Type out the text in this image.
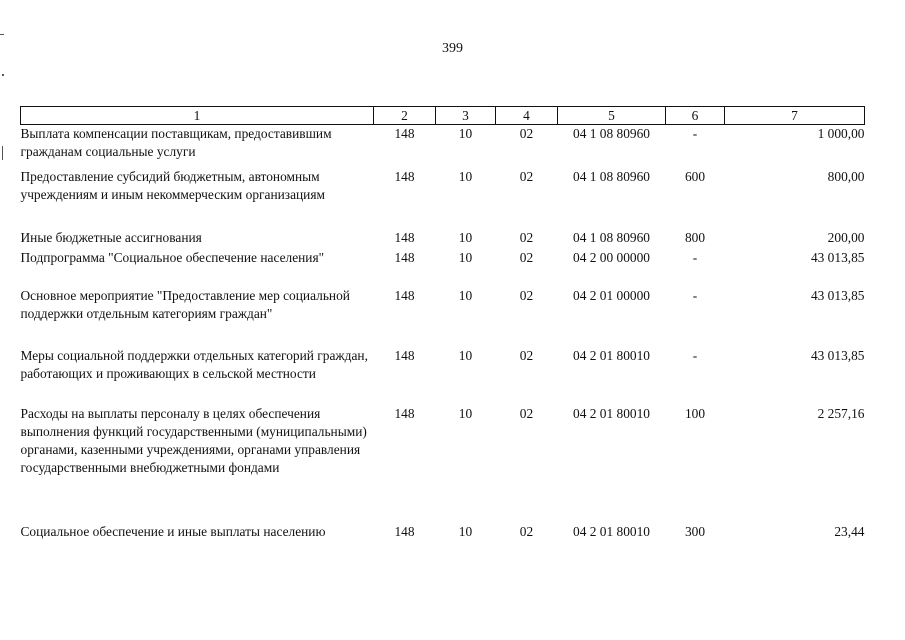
399
1	2	3	4	5	6	7
Выплата компенсации поставщикам, предоставившим гражданам социальные услуги	148	10	02	04 1 08 80960	-	1 000,00
Предоставление субсидий бюджетным, автономным учреждениям и иным некоммерческим организациям	148	10	02	04 1 08 80960	600	800,00
Иные бюджетные ассигнования	148	10	02	04 1 08 80960	800	200,00
Подпрограмма "Социальное обеспечение населения"	148	10	02	04 2 00 00000	-	43 013,85
Основное мероприятие "Предоставление мер социальной поддержки отдельным категориям граждан"	148	10	02	04 2 01 00000	-	43 013,85
Меры социальной поддержки отдельных категорий граждан, работающих и проживающих в сельской местности	148	10	02	04 2 01 80010	-	43 013,85
Расходы на выплаты персоналу в целях обеспечения выполнения функций государственными (муниципальными) органами, казенными учреждениями, органами управления государственными внебюджетными фондами	148	10	02	04 2 01 80010	100	2 257,16
Социальное обеспечение и иные выплаты населению	148	10	02	04 2 01 80010	300	23,44
